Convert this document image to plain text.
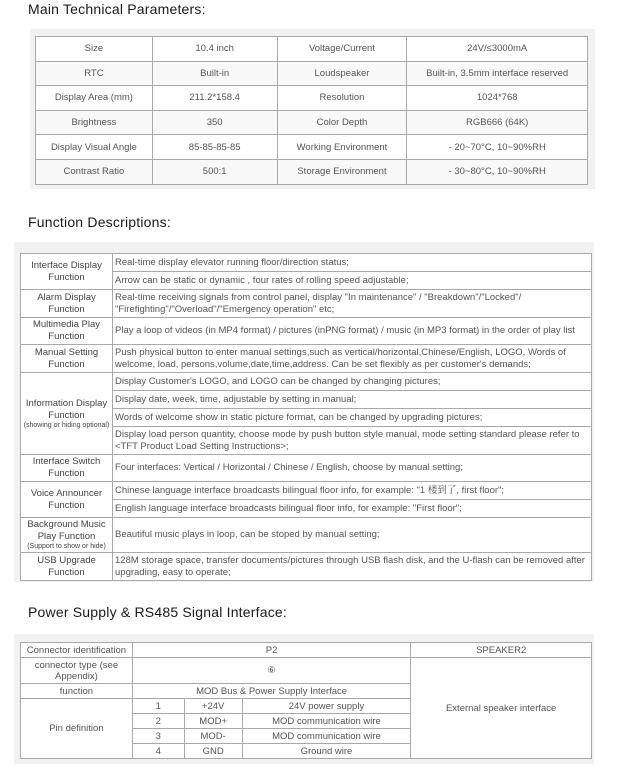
Main Technical Parameters:
Size	10.4 inch	Voltage/Current	24V/≤3000mA
RTC	Built-in	Loudspeaker	Built-in, 3.5mm interface reserved
Display Area (mm)	211.2*158.4	Resolution	1024*768
Brightness	350	Color Depth	RGB666 (64K)
Display Visual Angle	85-85-85-85	Working Environment	- 20~70°C, 10~90%RH
Contrast Ratio	500:1	Storage Environment	- 30~80°C, 10~90%RH
Function Descriptions:
Interface Display Function	Real-time display elevator running floor/direction status;
	Arrow can be static or dynamic , four rates of rolling speed adjustable;
Alarm Display Function	Real-time receiving signals from control panel, display "In maintenance" / "Breakdown"/"Locked"/ "Firefighting"/"Overload"/"Emergency operation" etc;
Multimedia Play Function	Play a loop of videos (in MP4 format) / pictures (inPNG format) / music (in MP3 format) in the order of play list
Manual Setting Function	Push physical button to enter manual settings,such as vertical/horizontal,Chinese/English, LOGO, Words of welcome, load, persons,volume,date,time,address. Can be set flexibly as per customer's demands;
Information Display Function
(showing or hiding optional)	Display Customer's LOGO, and LOGO can be changed by changing pictures;
	Display date, week, time, adjustable by setting in manual;
	Words of welcome show in static picture format, can be changed by upgrading pictures;
	Display load person quantity, choose mode by push button style manual, mode setting standard please refer to <TFT Product Load Setting Instructions>;
Interface Switch Function	Four interfaces: Vertical / Horizontal / Chinese / English, choose by manual setting;
Voice Announcer Function	Chinese language interface broadcasts bilingual floor info, for example: "1 楼到了, first floor";
	English language interface broadcasts bilingual floor info, for example: "First floor";
Background Music Play Function
(Support to show or hide)	Beautiful music plays in loop, can be stoped by manual setting;
USB Upgrade Function	128M storage space, transfer documents/pictures through USB flash disk, and the U-flash can be removed after upgrading, easy to operate;
Power Supply & RS485 Signal Interface:
Connector identification	P2			SPEAKER2
connector type (see Appendix)	⑥			External speaker interface
function	MOD Bus & Power Supply Interface			
Pin definition	1	+24V	24V power supply	
	2	MOD+	MOD communication wire	
	3	MOD-	MOD communication wire	
	4	GND	Ground wire	
